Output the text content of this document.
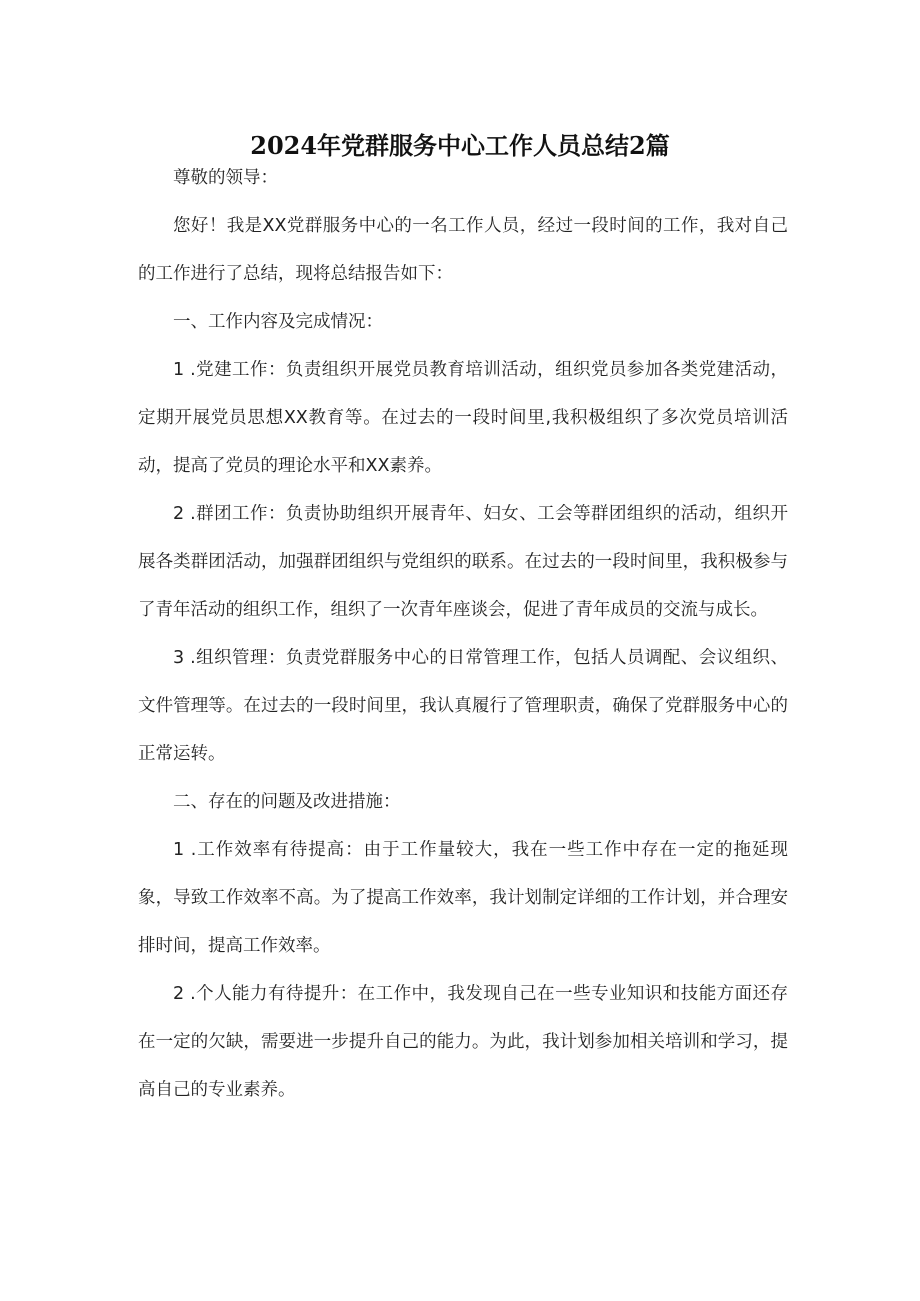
2024年党群服务中心工作人员总结2篇

尊敬的领导：

您好！我是XX党群服务中心的一名工作人员，经过一段时间的工作，我对自己的工作进行了总结，现将总结报告如下：

一、工作内容及完成情况：

1 .党建工作：负责组织开展党员教育培训活动，组织党员参加各类党建活动，定期开展党员思想XX教育等。在过去的一段时间里,我积极组织了多次党员培训活动，提高了党员的理论水平和XX素养。

2 .群团工作：负责协助组织开展青年、妇女、工会等群团组织的活动，组织开展各类群团活动，加强群团组织与党组织的联系。在过去的一段时间里，我积极参与了青年活动的组织工作，组织了一次青年座谈会，促进了青年成员的交流与成长。

3 .组织管理：负责党群服务中心的日常管理工作，包括人员调配、会议组织、文件管理等。在过去的一段时间里，我认真履行了管理职责，确保了党群服务中心的正常运转。

二、存在的问题及改进措施：

1 .工作效率有待提高：由于工作量较大，我在一些工作中存在一定的拖延现象，导致工作效率不高。为了提高工作效率，我计划制定详细的工作计划，并合理安排时间，提高工作效率。

2 .个人能力有待提升：在工作中，我发现自己在一些专业知识和技能方面还存在一定的欠缺，需要进一步提升自己的能力。为此，我计划参加相关培训和学习，提高自己的专业素养。
